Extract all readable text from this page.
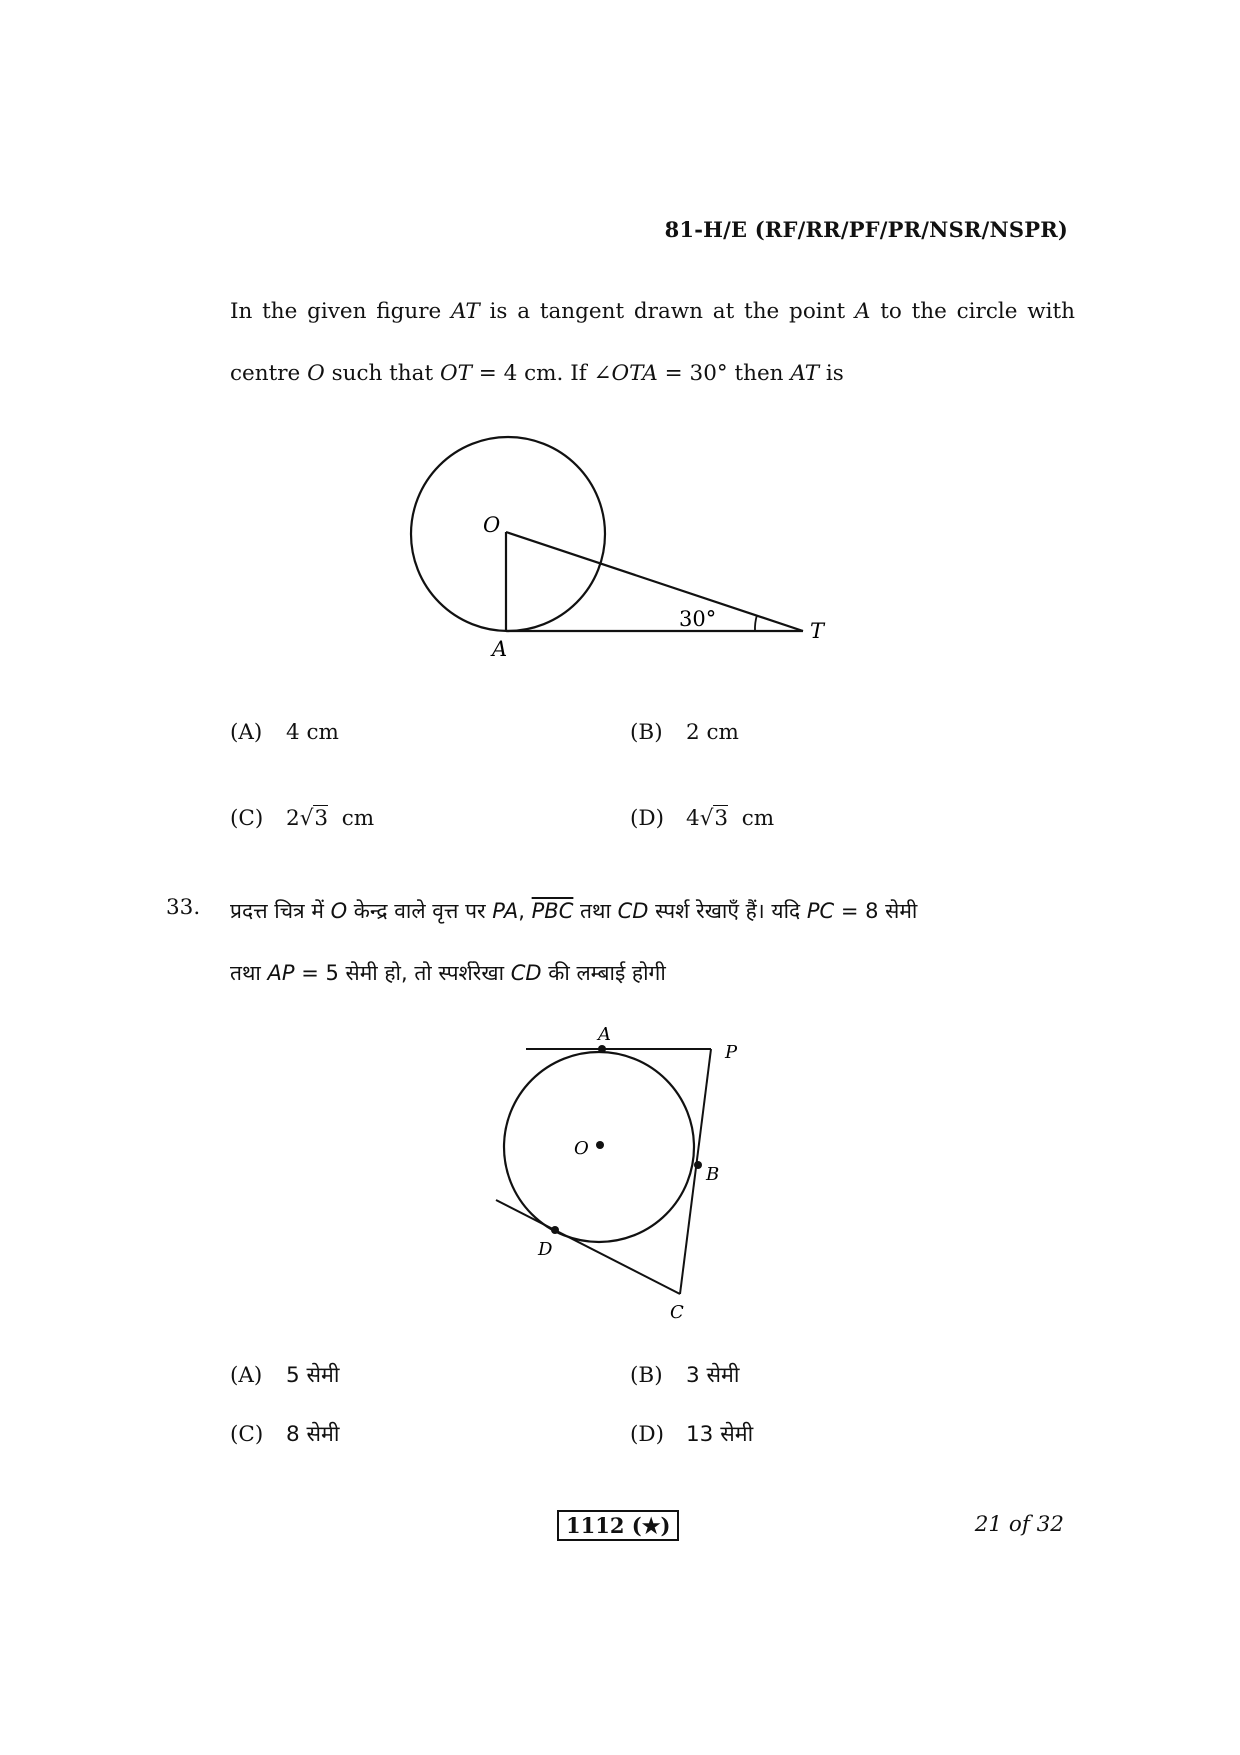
81-H/E (RF/RR/PF/PR/NSR/NSPR)
In the given figure AT is a tangent drawn at the point A to the circle with
centre O such that OT = 4 cm. If ∠OTA = 30° then AT is
O
A
T
30°
(A) 4 cm	(B) 2 cm
(C) 2√3 cm	(D) 4√3 cm
33. प्रदत्त चित्र में O केन्द्र वाले वृत्त पर PA, $\overline{PBC}$ तथा CD स्पर्श रेखाएँ हैं। यदि PC = 8 सेमी
तथा AP = 5 सेमी हो, तो स्पर्शरेखा CD की लम्बाई होगी
A
P
O
B
D
C
(A) 5 सेमी	(B) 3 सेमी
(C) 8 सेमी	(D) 13 सेमी
1112 (★)	21 of 32
